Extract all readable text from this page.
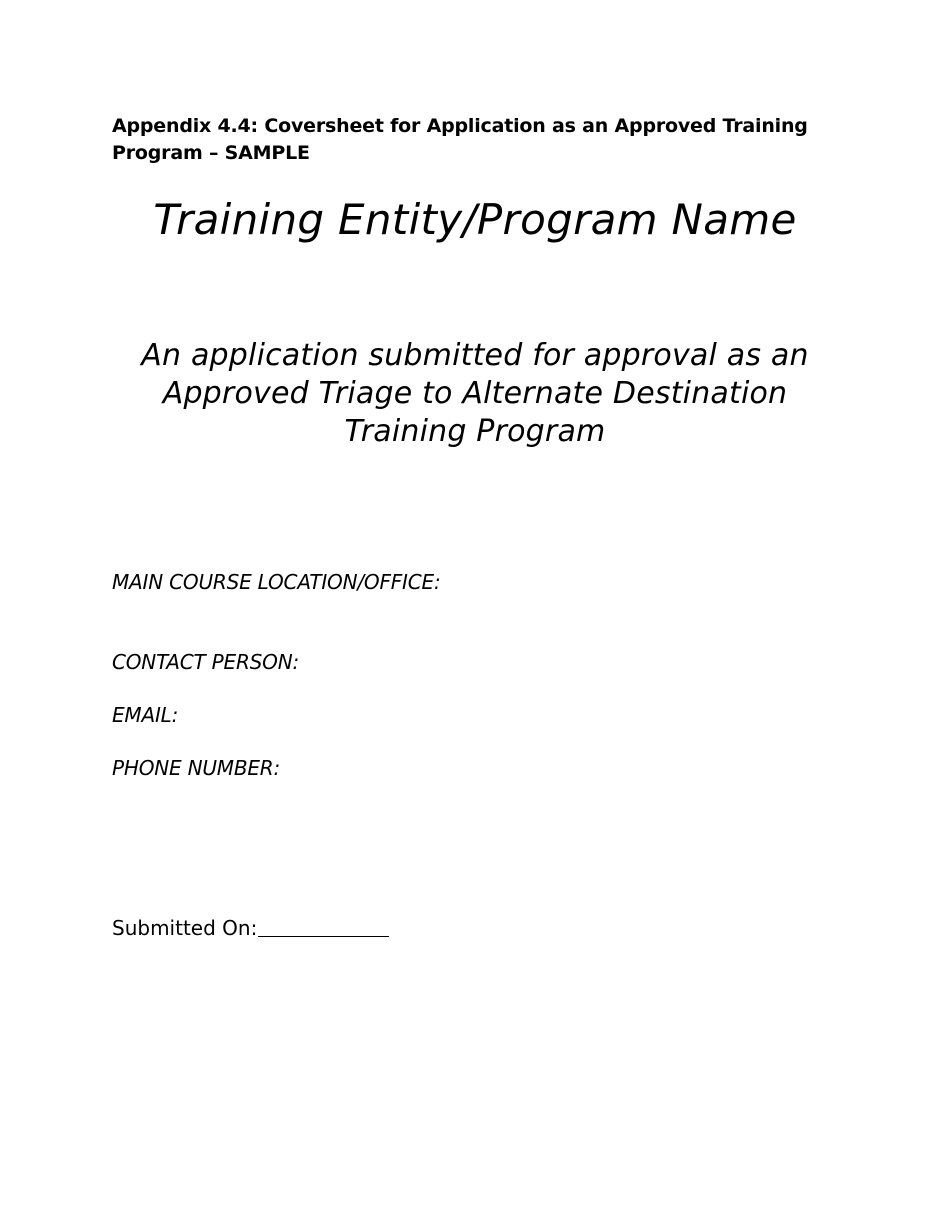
Appendix 4.4: Coversheet for Application as an Approved Training Program – SAMPLE
Training Entity/Program Name
An application submitted for approval as an Approved Triage to Alternate Destination Training Program
MAIN COURSE LOCATION/OFFICE:
CONTACT PERSON:
EMAIL:
PHONE NUMBER:
Submitted On:
